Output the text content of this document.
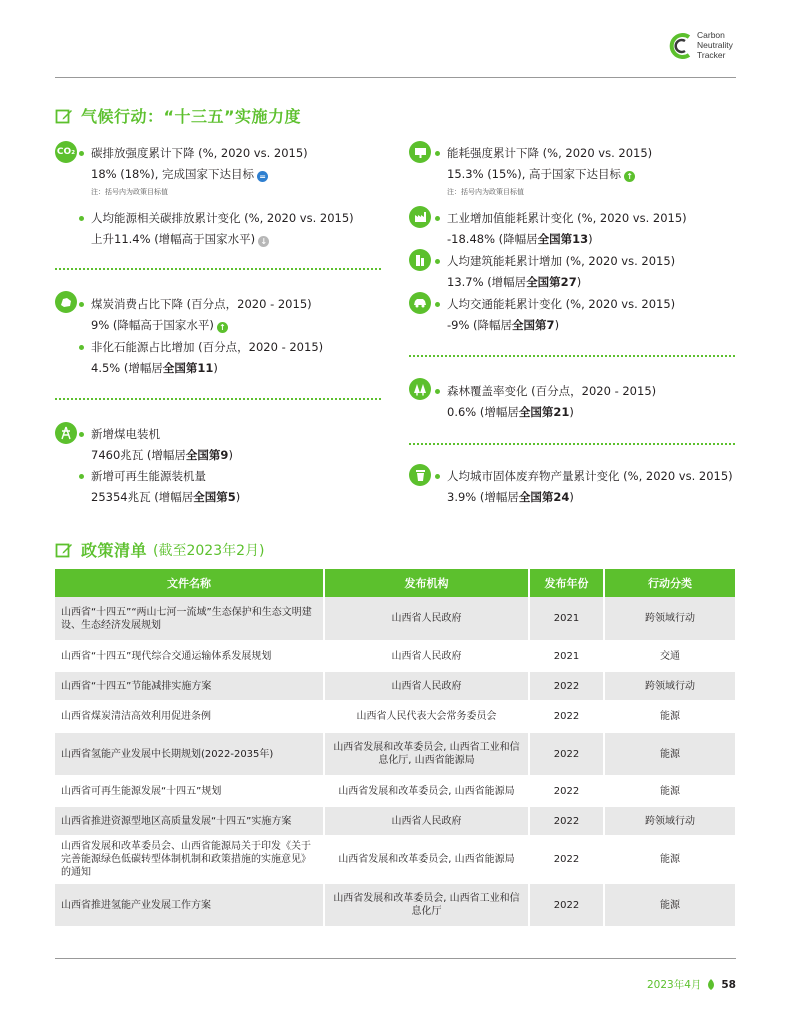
Carbon
Neutrality
Tracker
气候行动：“十三五”实施力度
CO₂ 碳排放强度累计下降 (%, 2020 vs. 2015)
18% (18%), 完成国家下达目标 =
注：括号内为政策目标值
人均能源相关碳排放累计变化 (%, 2020 vs. 2015)
上升11.4% (增幅高于国家水平) ↓
煤炭消费占比下降 (百分点，2020 - 2015)
9% (降幅高于国家水平) ↑
非化石能源占比增加 (百分点，2020 - 2015)
4.5% (增幅居全国第11)
新增煤电装机
7460兆瓦 (增幅居全国第9)
新增可再生能源装机量
25354兆瓦 (增幅居全国第5)
能耗强度累计下降 (%, 2020 vs. 2015)
15.3% (15%), 高于国家下达目标 ↑
注：括号内为政策目标值
工业增加值能耗累计变化 (%, 2020 vs. 2015)
-18.48% (降幅居全国第13)
人均建筑能耗累计增加 (%, 2020 vs. 2015)
13.7% (增幅居全国第27)
人均交通能耗累计变化 (%, 2020 vs. 2015)
-9% (降幅居全国第7)
森林覆盖率变化 (百分点，2020 - 2015)
0.6% (增幅居全国第21)
人均城市固体废弃物产量累计变化 (%, 2020 vs. 2015)
3.9% (增幅居全国第24)
政策清单 (截至2023年2月)
文件名称	发布机构	发布年份	行动分类
山西省“十四五”“两山七河一流域”生态保护和生态文明建设、生态经济发展规划	山西省人民政府	2021	跨领域行动
山西省“十四五”现代综合交通运输体系发展规划	山西省人民政府	2021	交通
山西省“十四五”节能减排实施方案	山西省人民政府	2022	跨领域行动
山西省煤炭清洁高效利用促进条例	山西省人民代表大会常务委员会	2022	能源
山西省氢能产业发展中长期规划(2022-2035年)	山西省发展和改革委员会, 山西省工业和信息化厅, 山西省能源局	2022	能源
山西省可再生能源发展“十四五”规划	山西省发展和改革委员会, 山西省能源局	2022	能源
山西省推进资源型地区高质量发展“十四五”实施方案	山西省人民政府	2022	跨领域行动
山西省发展和改革委员会、山西省能源局关于印发《关于完善能源绿色低碳转型体制机制和政策措施的实施意见》的通知	山西省发展和改革委员会, 山西省能源局	2022	能源
山西省推进氢能产业发展工作方案	山西省发展和改革委员会, 山西省工业和信息化厅	2022	能源
2023年4月 58
